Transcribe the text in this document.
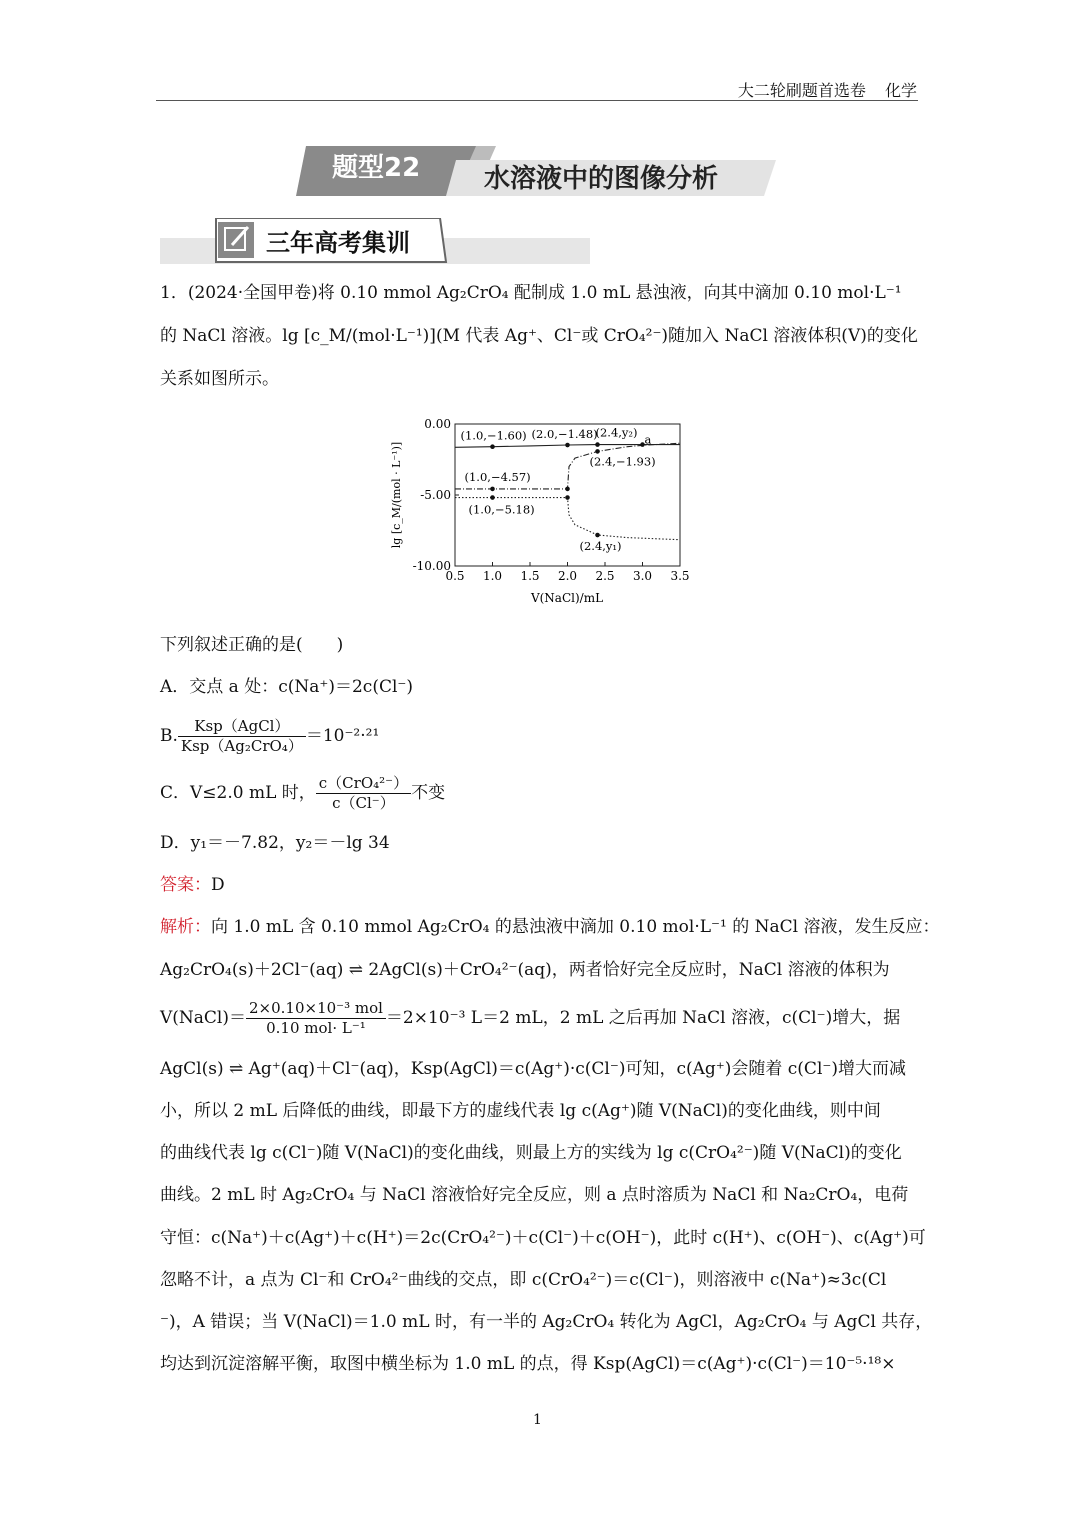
大二轮刷题首选卷 化学
题型22 水溶液中的图像分析
三年高考集训
1．(2024·全国甲卷)将 0.10 mmol Ag₂CrO₄ 配制成 1.0 mL 悬浊液，向其中滴加 0.10 mol·L⁻¹
的 NaCl 溶液。lg [c_M/(mol·L⁻¹)](M 代表 Ag⁺、Cl⁻或 CrO₄²⁻)随加入 NaCl 溶液体积(V)的变化
关系如图所示。
lg [c_M/(mol · L⁻¹)]
V(NaCl)/mL
0.5 1.0 1.5 2.0 2.5 3.0 3.5
0.00
-5.00
-10.00
(1.0,−1.60) (2.0,−1.48)
(2.4,y₂) a
(2.4,−1.93)
(1.0,−4.57)
(1.0,−5.18)
(2.4,y₁)
下列叙述正确的是(　　)
A．交点 a 处：c(Na⁺)＝2c(Cl⁻)
B. $\frac{\text{Ksp（AgCl）}}{\text{Ksp（Ag₂CrO₄）}} =10^{-2}\cdot^{21}$
C．V≤2.0 mL 时， $\frac{\text{c（CrO₄²⁻）}}{c(Cl^-)}$ 不变
D．y₁＝－7.82，y₂＝－lg 34
答案：D
解析：向 1.0 mL 含 0.10 mmol Ag₂CrO₄ 的悬浊液中滴加 0.10 mol·L⁻¹ 的 NaCl 溶液，发生反应：
Ag₂CrO₄(s)＋2Cl⁻(aq) ⇌ 2AgCl(s)＋CrO₄²⁻(aq)，两者恰好完全反应时，NaCl 溶液的体积为
V(NaCl)＝ $\frac{\text{2×0.10×10⁻³ mol}}{\text{0.10 mol· L⁻¹}} =2\times 10^{-3}$ L＝2 mL，2 mL 之后再加 NaCl 溶液，c(Cl⁻)增大，据
AgCl(s) ⇌ Ag⁺(aq)＋Cl⁻(aq)，Ksp(AgCl)＝c(Ag⁺)·c(Cl⁻)可知，c(Ag⁺)会随着 c(Cl⁻)增大而减
小，所以 2 mL 后降低的曲线，即最下方的虚线代表 lg c(Ag⁺)随 V(NaCl)的变化曲线，则中间
的曲线代表 lg c(Cl⁻)随 V(NaCl)的变化曲线，则最上方的实线为 lg c(CrO₄²⁻)随 V(NaCl)的变化
曲线。2 mL 时 Ag₂CrO₄ 与 NaCl 溶液恰好完全反应，则 a 点时溶质为 NaCl 和 Na₂CrO₄，电荷
守恒：c(Na⁺)＋c(Ag⁺)＋c(H⁺)＝2c(CrO₄²⁻)＋c(Cl⁻)＋c(OH⁻)，此时 c(H⁺)、c(OH⁻)、c(Ag⁺)可
忽略不计，a 点为 Cl⁻和 CrO₄²⁻曲线的交点，即 c(CrO₄²⁻)＝c(Cl⁻)，则溶液中 c(Na⁺)≈3c(Cl
⁻)，A 错误；当 V(NaCl)＝1.0 mL 时，有一半的 Ag₂CrO₄ 转化为 AgCl，Ag₂CrO₄ 与 AgCl 共存，
均达到沉淀溶解平衡，取图中横坐标为 1.0 mL 的点，得 Ksp(AgCl)＝c(Ag⁺)·c(Cl⁻)＝10⁻⁵·¹⁸×
1
